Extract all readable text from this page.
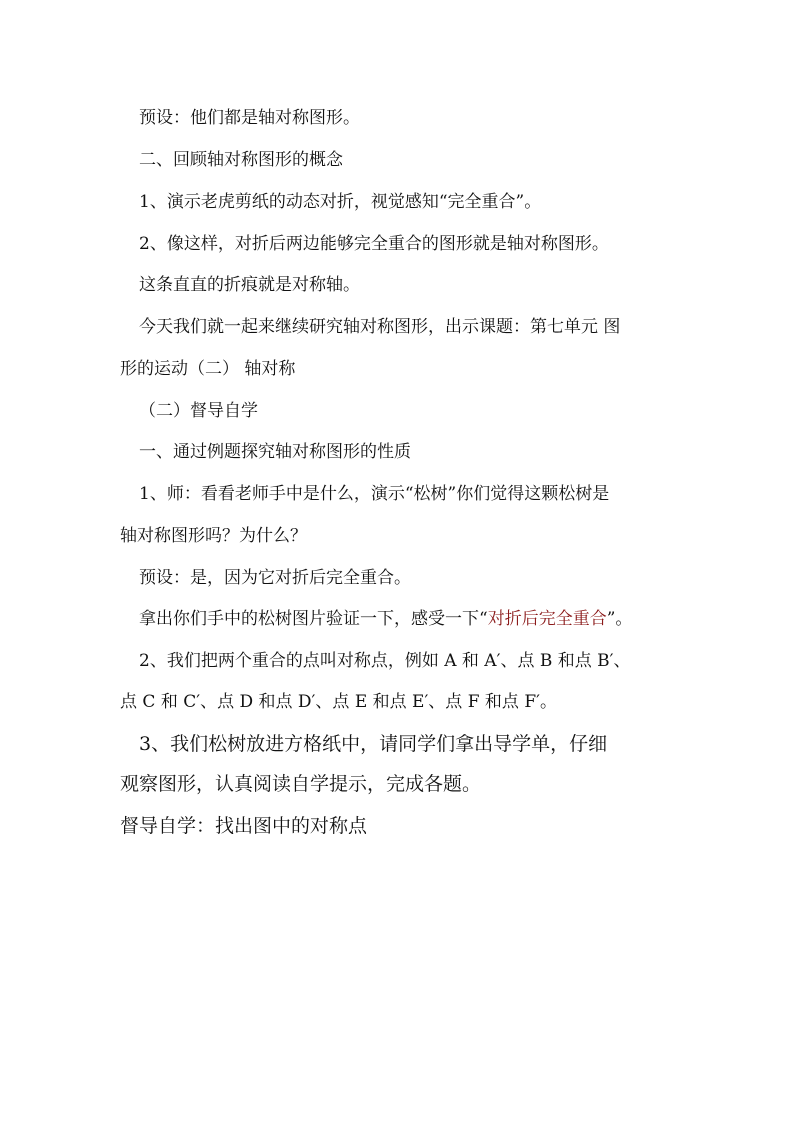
预设：他们都是轴对称图形。
二、回顾轴对称图形的概念
1、演示老虎剪纸的动态对折，视觉感知“完全重合”。
2、像这样，对折后两边能够完全重合的图形就是轴对称图形。
这条直直的折痕就是对称轴。
今天我们就一起来继续研究轴对称图形，出示课题：第七单元 图
形的运动（二） 轴对称
（二）督导自学
一、通过例题探究轴对称图形的性质
1、师：看看老师手中是什么，演示“松树”你们觉得这颗松树是
轴对称图形吗？为什么？
预设：是，因为它对折后完全重合。
拿出你们手中的松树图片验证一下，感受一下“对折后完全重合”。
2、我们把两个重合的点叫对称点，例如 A 和 A′、点 B 和点 B′、
点 C 和 C′、点 D 和点 D′、点 E 和点 E′、点 F 和点 F′。
3、我们松树放进方格纸中，请同学们拿出导学单，仔细
观察图形，认真阅读自学提示，完成各题。
督导自学：找出图中的对称点
